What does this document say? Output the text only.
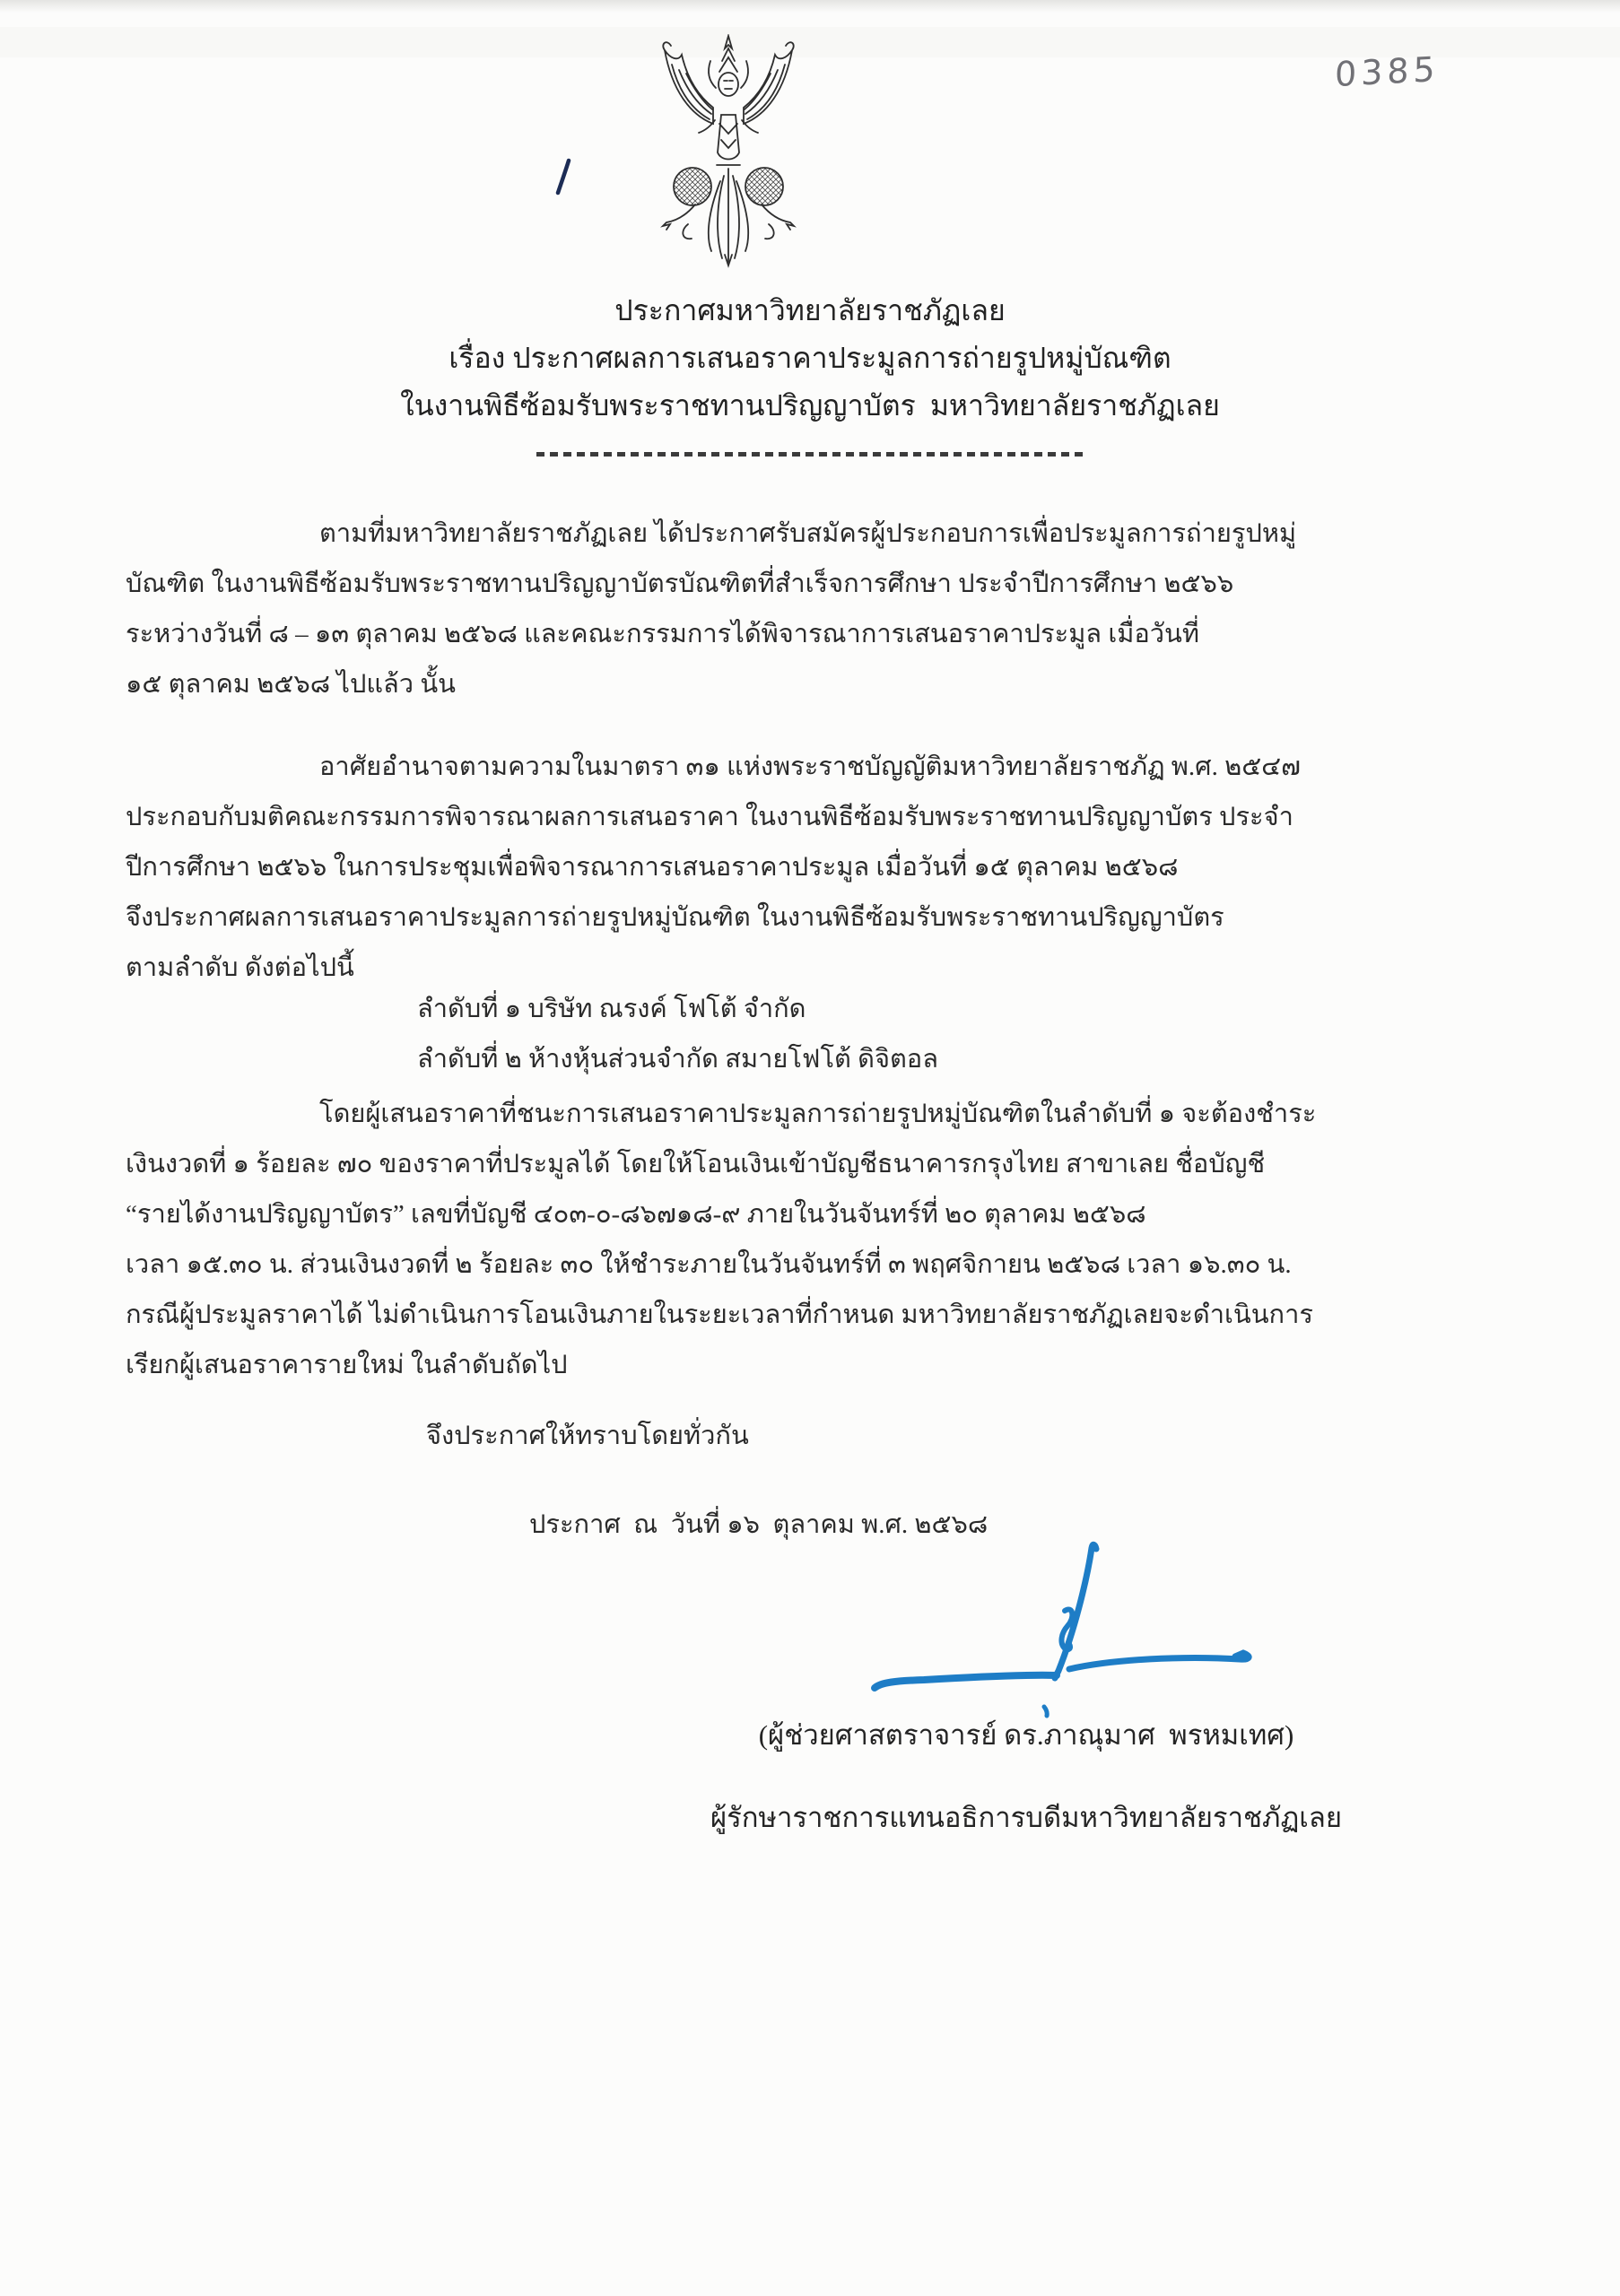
0385
ประกาศมหาวิทยาลัยราชภัฏเลย
เรื่อง ประกาศผลการเสนอราคาประมูลการถ่ายรูปหมู่บัณฑิต
ในงานพิธีซ้อมรับพระราชทานปริญญาบัตร  มหาวิทยาลัยราชภัฏเลย
ตามที่มหาวิทยาลัยราชภัฏเลย ได้ประกาศรับสมัครผู้ประกอบการเพื่อประมูลการถ่ายรูปหมู่
บัณฑิต ในงานพิธีซ้อมรับพระราชทานปริญญาบัตรบัณฑิตที่สำเร็จการศึกษา ประจำปีการศึกษา ๒๕๖๖
ระหว่างวันที่ ๘ – ๑๓ ตุลาคม ๒๕๖๘ และคณะกรรมการได้พิจารณาการเสนอราคาประมูล เมื่อวันที่
๑๕ ตุลาคม ๒๕๖๘ ไปแล้ว นั้น
อาศัยอำนาจตามความในมาตรา ๓๑ แห่งพระราชบัญญัติมหาวิทยาลัยราชภัฏ พ.ศ. ๒๕๔๗
ประกอบกับมติคณะกรรมการพิจารณาผลการเสนอราคา ในงานพิธีซ้อมรับพระราชทานปริญญาบัตร ประจำ
ปีการศึกษา ๒๕๖๖ ในการประชุมเพื่อพิจารณาการเสนอราคาประมูล เมื่อวันที่ ๑๕ ตุลาคม ๒๕๖๘
จึงประกาศผลการเสนอราคาประมูลการถ่ายรูปหมู่บัณฑิต ในงานพิธีซ้อมรับพระราชทานปริญญาบัตร
ตามลำดับ ดังต่อไปนี้
ลำดับที่ ๑ บริษัท ณรงค์ โฟโต้ จำกัด
ลำดับที่ ๒ ห้างหุ้นส่วนจำกัด สมายโฟโต้ ดิจิตอล
โดยผู้เสนอราคาที่ชนะการเสนอราคาประมูลการถ่ายรูปหมู่บัณฑิตในลำดับที่ ๑ จะต้องชำระ
เงินงวดที่ ๑ ร้อยละ ๗๐ ของราคาที่ประมูลได้ โดยให้โอนเงินเข้าบัญชีธนาคารกรุงไทย สาขาเลย ชื่อบัญชี
“รายได้งานปริญญาบัตร” เลขที่บัญชี ๔๐๓-๐-๘๖๗๑๘-๙ ภายในวันจันทร์ที่ ๒๐ ตุลาคม ๒๕๖๘
เวลา ๑๕.๓๐ น. ส่วนเงินงวดที่ ๒ ร้อยละ ๓๐ ให้ชำระภายในวันจันทร์ที่ ๓ พฤศจิกายน ๒๕๖๘ เวลา ๑๖.๓๐ น.
กรณีผู้ประมูลราคาได้ ไม่ดำเนินการโอนเงินภายในระยะเวลาที่กำหนด มหาวิทยาลัยราชภัฏเลยจะดำเนินการ
เรียกผู้เสนอราคารายใหม่ ในลำดับถัดไป
จึงประกาศให้ทราบโดยทั่วกัน
ประกาศ  ณ  วันที่ ๑๖  ตุลาคม พ.ศ. ๒๕๖๘
(ผู้ช่วยศาสตราจารย์ ดร.ภาณุมาศ  พรหมเทศ)
ผู้รักษาราชการแทนอธิการบดีมหาวิทยาลัยราชภัฏเลย
